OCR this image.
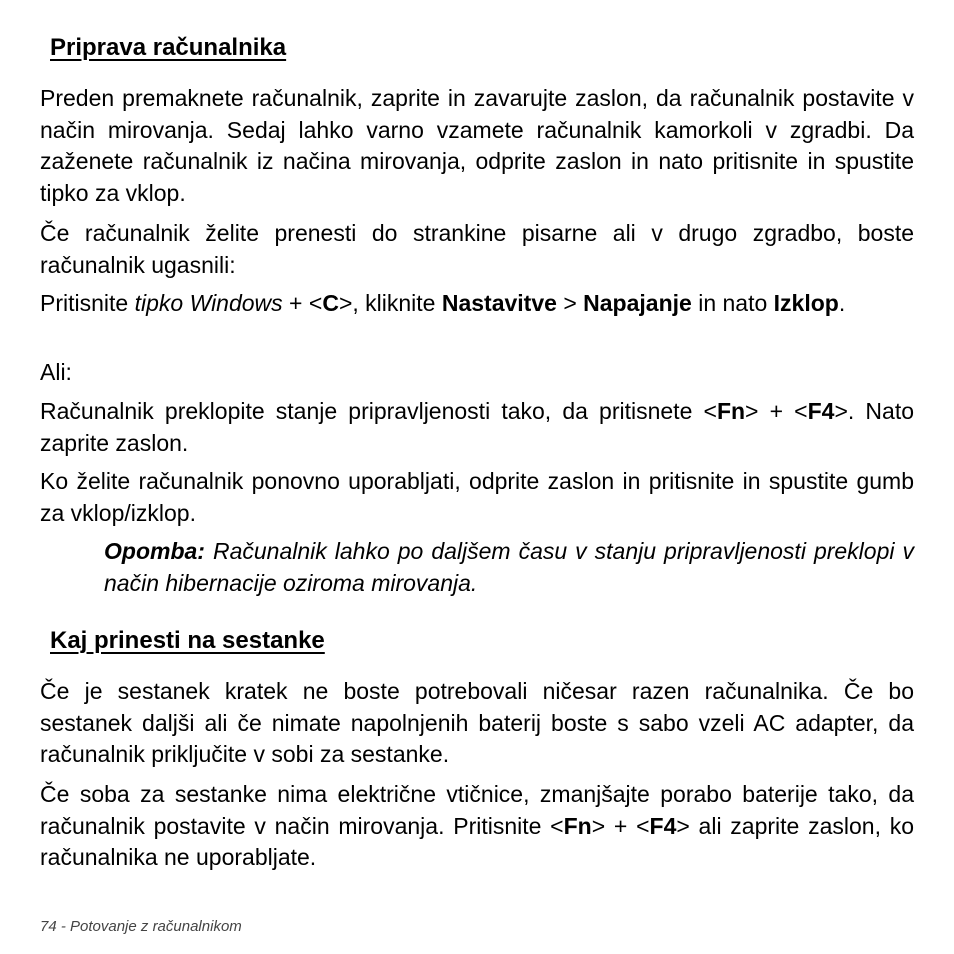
Priprava računalnika

Preden premaknete računalnik, zaprite in zavarujte zaslon, da računalnik postavite v način mirovanja. Sedaj lahko varno vzamete računalnik kamorkoli v zgradbi. Da zaženete računalnik iz načina mirovanja, odprite zaslon in nato pritisnite in spustite tipko za vklop.

Če računalnik želite prenesti do strankine pisarne ali v drugo zgradbo, boste računalnik ugasnili:

Pritisnite tipko Windows + <C>, kliknite Nastavitve > Napajanje in nato Izklop.

Ali:

Računalnik preklopite stanje pripravljenosti tako, da pritisnete <Fn> + <F4>. Nato zaprite zaslon.

Ko želite računalnik ponovno uporabljati, odprite zaslon in pritisnite in spustite gumb za vklop/izklop.

Opomba: Računalnik lahko po daljšem času v stanju pripravljenosti preklopi v način hibernacije oziroma mirovanja.

Kaj prinesti na sestanke

Če je sestanek kratek ne boste potrebovali ničesar razen računalnika. Če bo sestanek daljši ali če nimate napolnjenih baterij boste s sabo vzeli AC adapter, da računalnik priključite v sobi za sestanke.

Če soba za sestanke nima električne vtičnice, zmanjšajte porabo baterije tako, da računalnik postavite v način mirovanja. Pritisnite <Fn> + <F4> ali zaprite zaslon, ko računalnika ne uporabljate.

74 - Potovanje z računalnikom
